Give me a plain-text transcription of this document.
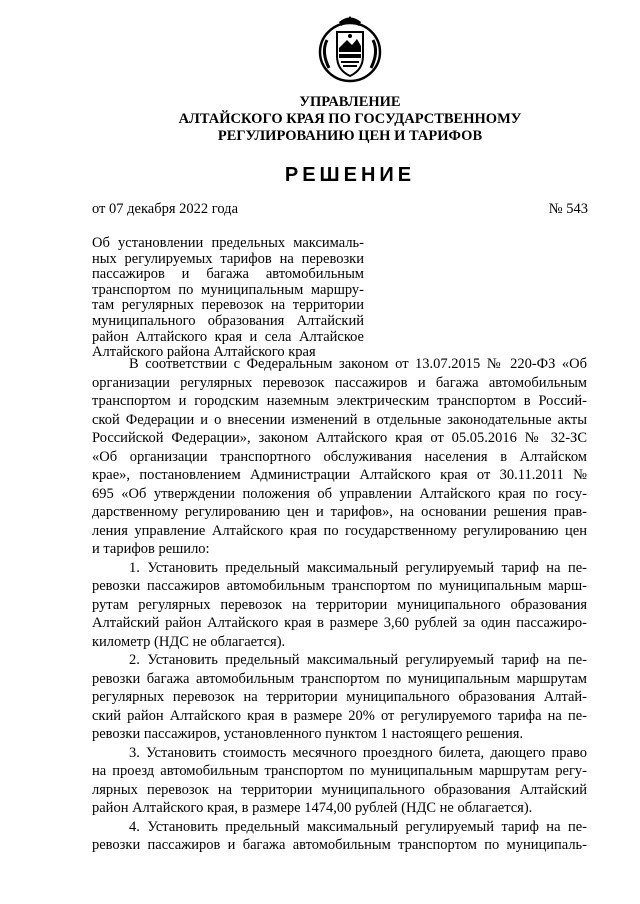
УПРАВЛЕНИЕ
АЛТАЙСКОГО КРАЯ ПО ГОСУДАРСТВЕННОМУ
РЕГУЛИРОВАНИЮ ЦЕН И ТАРИФОВ
РЕШЕНИЕ
от 07 декабря 2022 года	№ 543
Об установлении предельных максималь-
ных регулируемых тарифов на перевозки
пассажиров и багажа автомобильным
транспортом по муниципальным маршру-
там регулярных перевозок на территории
муниципального образования Алтайский
район Алтайского края и села Алтайское
Алтайского района Алтайского края
В соответствии с Федеральным законом от 13.07.2015 № 220-ФЗ «Об
организации регулярных перевозок пассажиров и багажа автомобильным
транспортом и городским наземным электрическим транспортом в Россий-
ской Федерации и о внесении изменений в отдельные законодательные акты
Российской Федерации», законом Алтайского края от 05.05.2016 № 32-ЗС
«Об организации транспортного обслуживания населения в Алтайском
крае», постановлением Администрации Алтайского края от 30.11.2011 №
695 «Об утверждении положения об управлении Алтайского края по госу-
дарственному регулированию цен и тарифов», на основании решения прав-
ления управление Алтайского края по государственному регулированию цен
и тарифов решило:
1. Установить предельный максимальный регулируемый тариф на пе-
ревозки пассажиров автомобильным транспортом по муниципальным марш-
рутам регулярных перевозок на территории муниципального образования
Алтайский район Алтайского края в размере 3,60 рублей за один пассажиро-
километр (НДС не облагается).
2. Установить предельный максимальный регулируемый тариф на пе-
ревозки багажа автомобильным транспортом по муниципальным маршрутам
регулярных перевозок на территории муниципального образования Алтай-
ский район Алтайского края в размере 20% от регулируемого тарифа на пе-
ревозки пассажиров, установленного пунктом 1 настоящего решения.
3. Установить стоимость месячного проездного билета, дающего право
на проезд автомобильным транспортом по муниципальным маршрутам регу-
лярных перевозок на территории муниципального образования Алтайский
район Алтайского края, в размере 1474,00 рублей (НДС не облагается).
4. Установить предельный максимальный регулируемый тариф на пе-
ревозки пассажиров и багажа автомобильным транспортом по муниципаль-
